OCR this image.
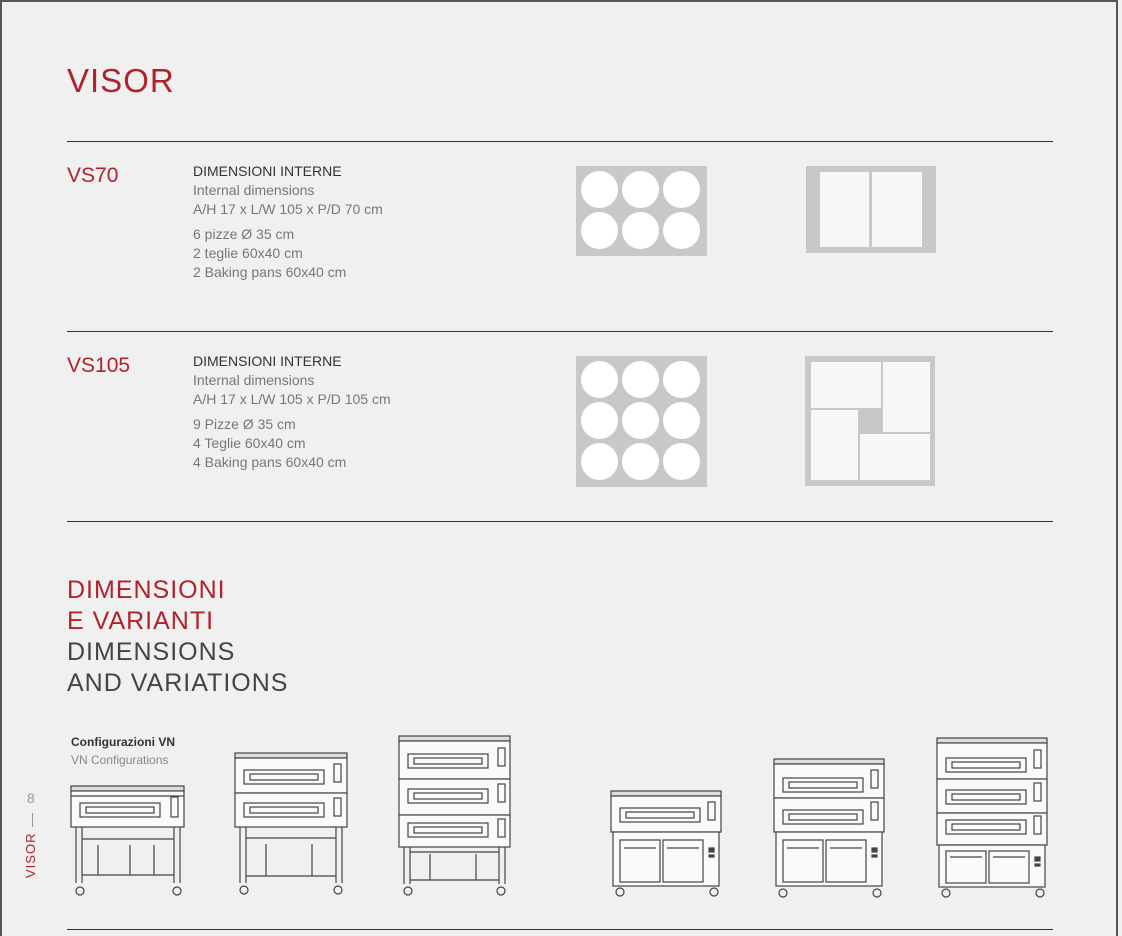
VISOR
VS70	DIMENSIONI INTERNE
Internal dimensions
A/H 17 x L/W 105 x P/D 70 cm
6 pizze Ø 35 cm
2 teglie 60x40 cm
2 Baking pans 60x40 cm
VS105	DIMENSIONI INTERNE
Internal dimensions
A/H 17 x L/W 105 x P/D 105 cm
9 Pizze Ø 35 cm
4 Teglie 60x40 cm
4 Baking pans 60x40 cm
DIMENSIONI
E VARIANTI
DIMENSIONS
AND VARIATIONS
Configurazioni VN
VN Configurations
8
VISOR
